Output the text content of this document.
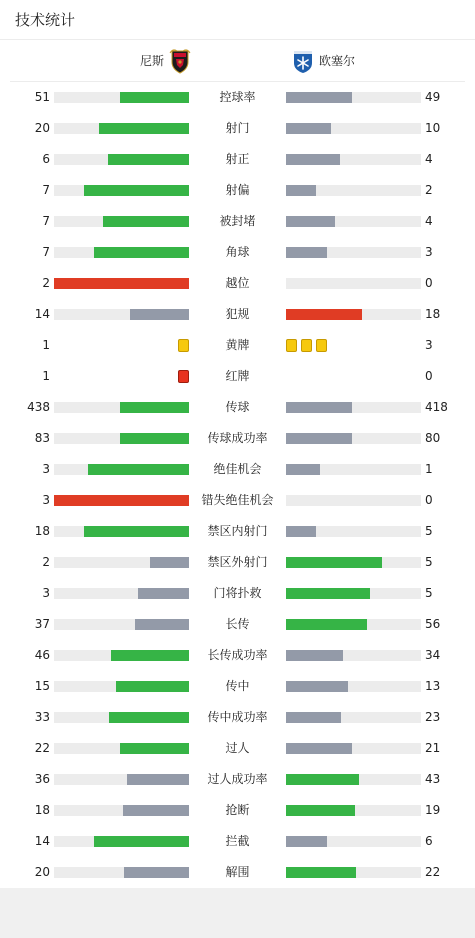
技术统计
尼斯	欧塞尔
51	控球率	49
20	射门	10
6	射正	4
7	射偏	2
7	被封堵	4
7	角球	3
2	越位	0
14	犯规	18
1	黄牌	3
1	红牌	0
438	传球	418
83	传球成功率	80
3	绝佳机会	1
3	错失绝佳机会	0
18	禁区内射门	5
2	禁区外射门	5
3	门将扑救	5
37	长传	56
46	长传成功率	34
15	传中	13
33	传中成功率	23
22	过人	21
36	过人成功率	43
18	抢断	19
14	拦截	6
20	解围	22
